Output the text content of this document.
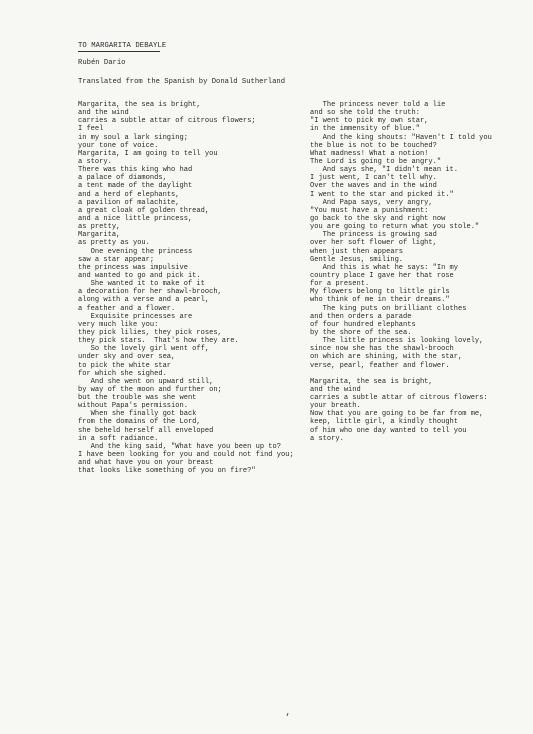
TO MARGARITA DEBAYLE
Rubén Darío
Translated from the Spanish by Donald Sutherland
Margarita, the sea is bright,
and the wind
carries a subtle attar of citrous flowers;
I feel
in my soul a lark singing;
your tone of voice.
Margarita, I am going to tell you
a story.
There was this king who had
a palace of diamonds,
a tent made of the daylight
and a herd of elephants,
a pavilion of malachite,
a great cloak of golden thread,
and a nice little princess,
as pretty,
Margarita,
as pretty as you.
One evening the princess
saw a star appear;
the princess was impulsive
and wanted to go and pick it.
She wanted it to make of it
a decoration for her shawl-brooch,
along with a verse and a pearl,
a feather and a flower.
Exquisite princesses are
very much like you:
they pick lilies, they pick roses,
they pick stars.  That's how they are.
So the lovely girl went off,
under sky and over sea,
to pick the white star
for which she sighed.
And she went on upward still,
by way of the moon and further on;
but the trouble was she went
without Papa's permission.
When she finally got back
from the domains of the Lord,
she beheld herself all enveloped
in a soft radiance.
And the king said, "What have you been up to?
I have been looking for you and could not find you;
and what have you on your breast
that looks like something of you on fire?"
The princess never told a lie
and so she told the truth:
"I went to pick my own star,
in the immensity of blue."
And the king shouts: "Haven't I told you
the blue is not to be touched?
What madness! What a notion!
The Lord is going to be angry."
And says she, "I didn't mean it.
I just went, I can't tell why.
Over the waves and in the wind
I went to the star and picked it."
And Papa says, very angry,
"You must have a punishment:
go back to the sky and right now
you are going to return what you stole."
The princess is growing sad
over her soft flower of light,
when just then appears
Gentle Jesus, smiling.
And this is what he says: "In my
country place I gave her that rose
for a present.
My flowers belong to little girls
who think of me in their dreams."
The king puts on brilliant clothes
and then orders a parade
of four hundred elephants
by the shore of the sea.
The little princess is looking lovely,
since now she has the shawl-brooch
on which are shining, with the star,
verse, pearl, feather and flower.
Margarita, the sea is bright,
and the wind
carries a subtle attar of citrous flowers:
your breath.
Now that you are going to be far from me,
keep, little girl, a kindly thought
of him who one day wanted to tell you
a story.
